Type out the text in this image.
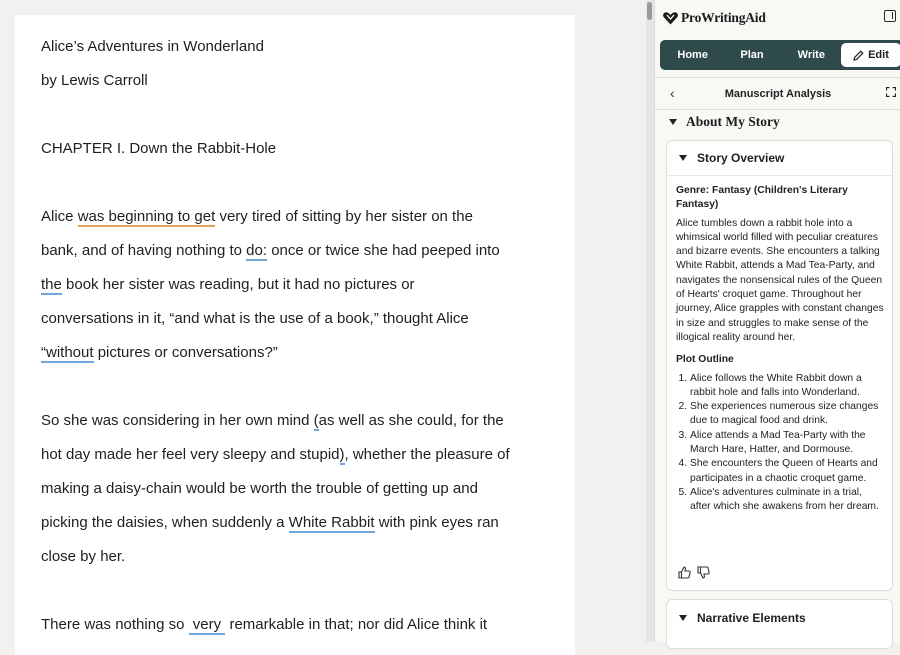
Alice’s Adventures in Wonderland
by Lewis Carroll
CHAPTER I. Down the Rabbit-Hole
Alice was beginning to get very tired of sitting by her sister on the
bank, and of having nothing to do: once or twice she had peeped into
the book her sister was reading, but it had no pictures or
conversations in it, “and what is the use of a book,” thought Alice
“without pictures or conversations?”
So she was considering in her own mind (as well as she could, for the
hot day made her feel very sleepy and stupid), whether the pleasure of
making a daisy-chain would be worth the trouble of getting up and
picking the daisies, when suddenly a White Rabbit with pink eyes ran
close by her.
There was nothing so  very  remarkable in that; nor did Alice think it
ProWritingAid
Home	Plan	Write	Edit
‹	Manuscript Analysis
About My Story
Story Overview
Genre: Fantasy (Children's Literary Fantasy)
Alice tumbles down a rabbit hole into a whimsical world filled with peculiar creatures and bizarre events. She encounters a talking White Rabbit, attends a Mad Tea-Party, and navigates the nonsensical rules of the Queen of Hearts' croquet game. Throughout her journey, Alice grapples with constant changes in size and struggles to make sense of the illogical reality around her.
Plot Outline
1. Alice follows the White Rabbit down a rabbit hole and falls into Wonderland.
2. She experiences numerous size changes due to magical food and drink.
3. Alice attends a Mad Tea-Party with the March Hare, Hatter, and Dormouse.
4. She encounters the Queen of Hearts and participates in a chaotic croquet game.
5. Alice's adventures culminate in a trial, after which she awakens from her dream.
Narrative Elements
